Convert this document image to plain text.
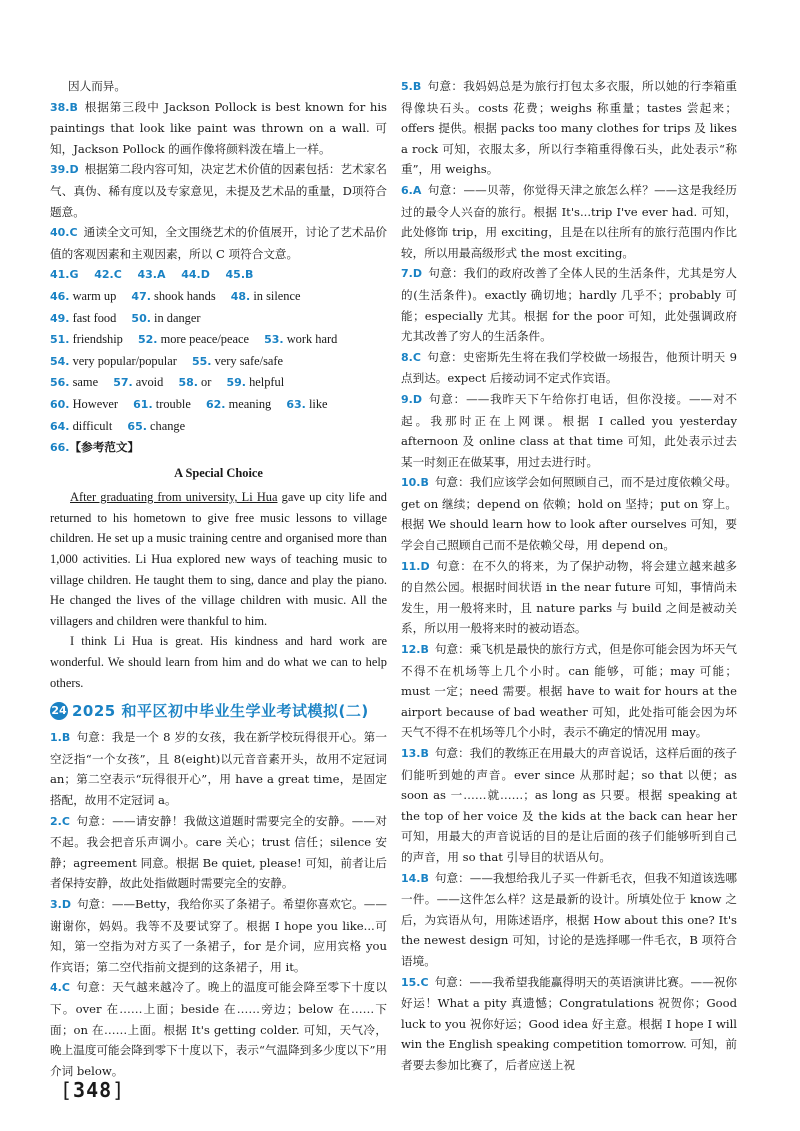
因人而异。

38.B 根据第三段中 Jackson Pollock is best known for his paintings that look like paint was thrown on a wall. 可知，Jackson Pollock 的画作像将颜料泼在墙上一样。

39.D 根据第二段内容可知，决定艺术价值的因素包括：艺术家名气、真伪、稀有度以及专家意见，未提及艺术品的重量，D项符合题意。

40.C 通读全文可知，全文围绕艺术的价值展开，讨论了艺术品价值的客观因素和主观因素，所以 C 项符合文意。

41.G 42.C 43.A 44.D 45.B

46. warm up 47. shook hands 48. in silence

49. fast food 50. in danger

51. friendship 52. more peace/peace 53. work hard

54. very popular/popular 55. very safe/safe

56. same 57. avoid 58. or 59. helpful

60. However 61. trouble 62. meaning 63. like

64. difficult 65. change

66.【参考范文】

A Special Choice

After graduating from university, Li Hua gave up city life and returned to his hometown to give free music lessons to village children. He set up a music training centre and organised more than 1,000 activities. Li Hua explored new ways of teaching music to village children. He taught them to sing, dance and play the piano. He changed the lives of the village children with music. All the villagers and children were thankful to him.

I think Li Hua is great. His kindness and hard work are wonderful. We should learn from him and do what we can to help others.

24 2025 和平区初中毕业生学业考试模拟(二)

1.B 句意：我是一个 8 岁的女孩，我在新学校玩得很开心。第一空泛指“一个女孩”，且 8(eight)以元音音素开头，故用不定冠词 an；第二空表示“玩得很开心”，用 have a great time，是固定搭配，故用不定冠词 a。

2.C 句意：——请安静！我做这道题时需要完全的安静。——对不起。我会把音乐声调小。care 关心；trust 信任；silence 安静；agreement 同意。根据 Be quiet, please! 可知，前者让后者保持安静，故此处指做题时需要完全的安静。

3.D 句意：——Betty，我给你买了条裙子。希望你喜欢它。——谢谢你，妈妈。我等不及要试穿了。根据 I hope you like...可知，第一空指为对方买了一条裙子，for 是介词，应用宾格 you 作宾语；第二空代指前文提到的这条裙子，用 it。

4.C 句意：天气越来越冷了。晚上的温度可能会降至零下十度以下。over 在……上面；beside 在……旁边；below 在……下面；on 在……上面。根据 It's getting colder. 可知，天气冷，晚上温度可能会降到零下十度以下，表示“气温降到多少度以下”用介词 below。

5.B 句意：我妈妈总是为旅行打包太多衣服，所以她的行李箱重得像块石头。costs 花费；weighs 称重量；tastes 尝起来；offers 提供。根据 packs too many clothes for trips 及 likes a rock 可知，衣服太多，所以行李箱重得像石头，此处表示“称重”，用 weighs。

6.A 句意：——贝蒂，你觉得天津之旅怎么样？——这是我经历过的最令人兴奋的旅行。根据 It's...trip I've ever had. 可知，此处修饰 trip，用 exciting，且是在以往所有的旅行范围内作比较，所以用最高级形式 the most exciting。

7.D 句意：我们的政府改善了全体人民的生活条件，尤其是穷人的(生活条件)。exactly 确切地；hardly 几乎不；probably 可能；especially 尤其。根据 for the poor 可知，此处强调政府尤其改善了穷人的生活条件。

8.C 句意：史密斯先生将在我们学校做一场报告，他预计明天 9 点到达。expect 后接动词不定式作宾语。

9.D 句意：——我昨天下午给你打电话，但你没接。——对不起。我那时正在上网课。根据 I called you yesterday afternoon 及 online class at that time 可知，此处表示过去某一时刻正在做某事，用过去进行时。

10.B 句意：我们应该学会如何照顾自己，而不是过度依赖父母。get on 继续；depend on 依赖；hold on 坚持；put on 穿上。根据 We should learn how to look after ourselves 可知，要学会自己照顾自己而不是依赖父母，用 depend on。

11.D 句意：在不久的将来，为了保护动物，将会建立越来越多的自然公园。根据时间状语 in the near future 可知，事情尚未发生，用一般将来时，且 nature parks 与 build 之间是被动关系，所以用一般将来时的被动语态。

12.B 句意：乘飞机是最快的旅行方式，但是你可能会因为坏天气不得不在机场等上几个小时。can 能够，可能；may 可能；must 一定；need 需要。根据 have to wait for hours at the airport because of bad weather 可知，此处指可能会因为坏天气不得不在机场等几个小时，表示不确定的情况用 may。

13.B 句意：我们的教练正在用最大的声音说话，这样后面的孩子们能听到她的声音。ever since 从那时起；so that 以便；as soon as 一……就……；as long as 只要。根据 speaking at the top of her voice 及 the kids at the back can hear her 可知，用最大的声音说话的目的是让后面的孩子们能够听到自己的声音，用 so that 引导目的状语从句。

14.B 句意：——我想给我儿子买一件新毛衣，但我不知道该选哪一件。——这件怎么样？这是最新的设计。所填处位于 know 之后，为宾语从句，用陈述语序，根据 How about this one? It's the newest design 可知，讨论的是选择哪一件毛衣，B 项符合语境。

15.C 句意：——我希望我能赢得明天的英语演讲比赛。——祝你好运！What a pity 真遗憾；Congratulations 祝贺你；Good luck to you 祝你好运；Good idea 好主意。根据 I hope I will win the English speaking competition tomorrow. 可知，前者要去参加比赛了，后者应送上祝

[348]
